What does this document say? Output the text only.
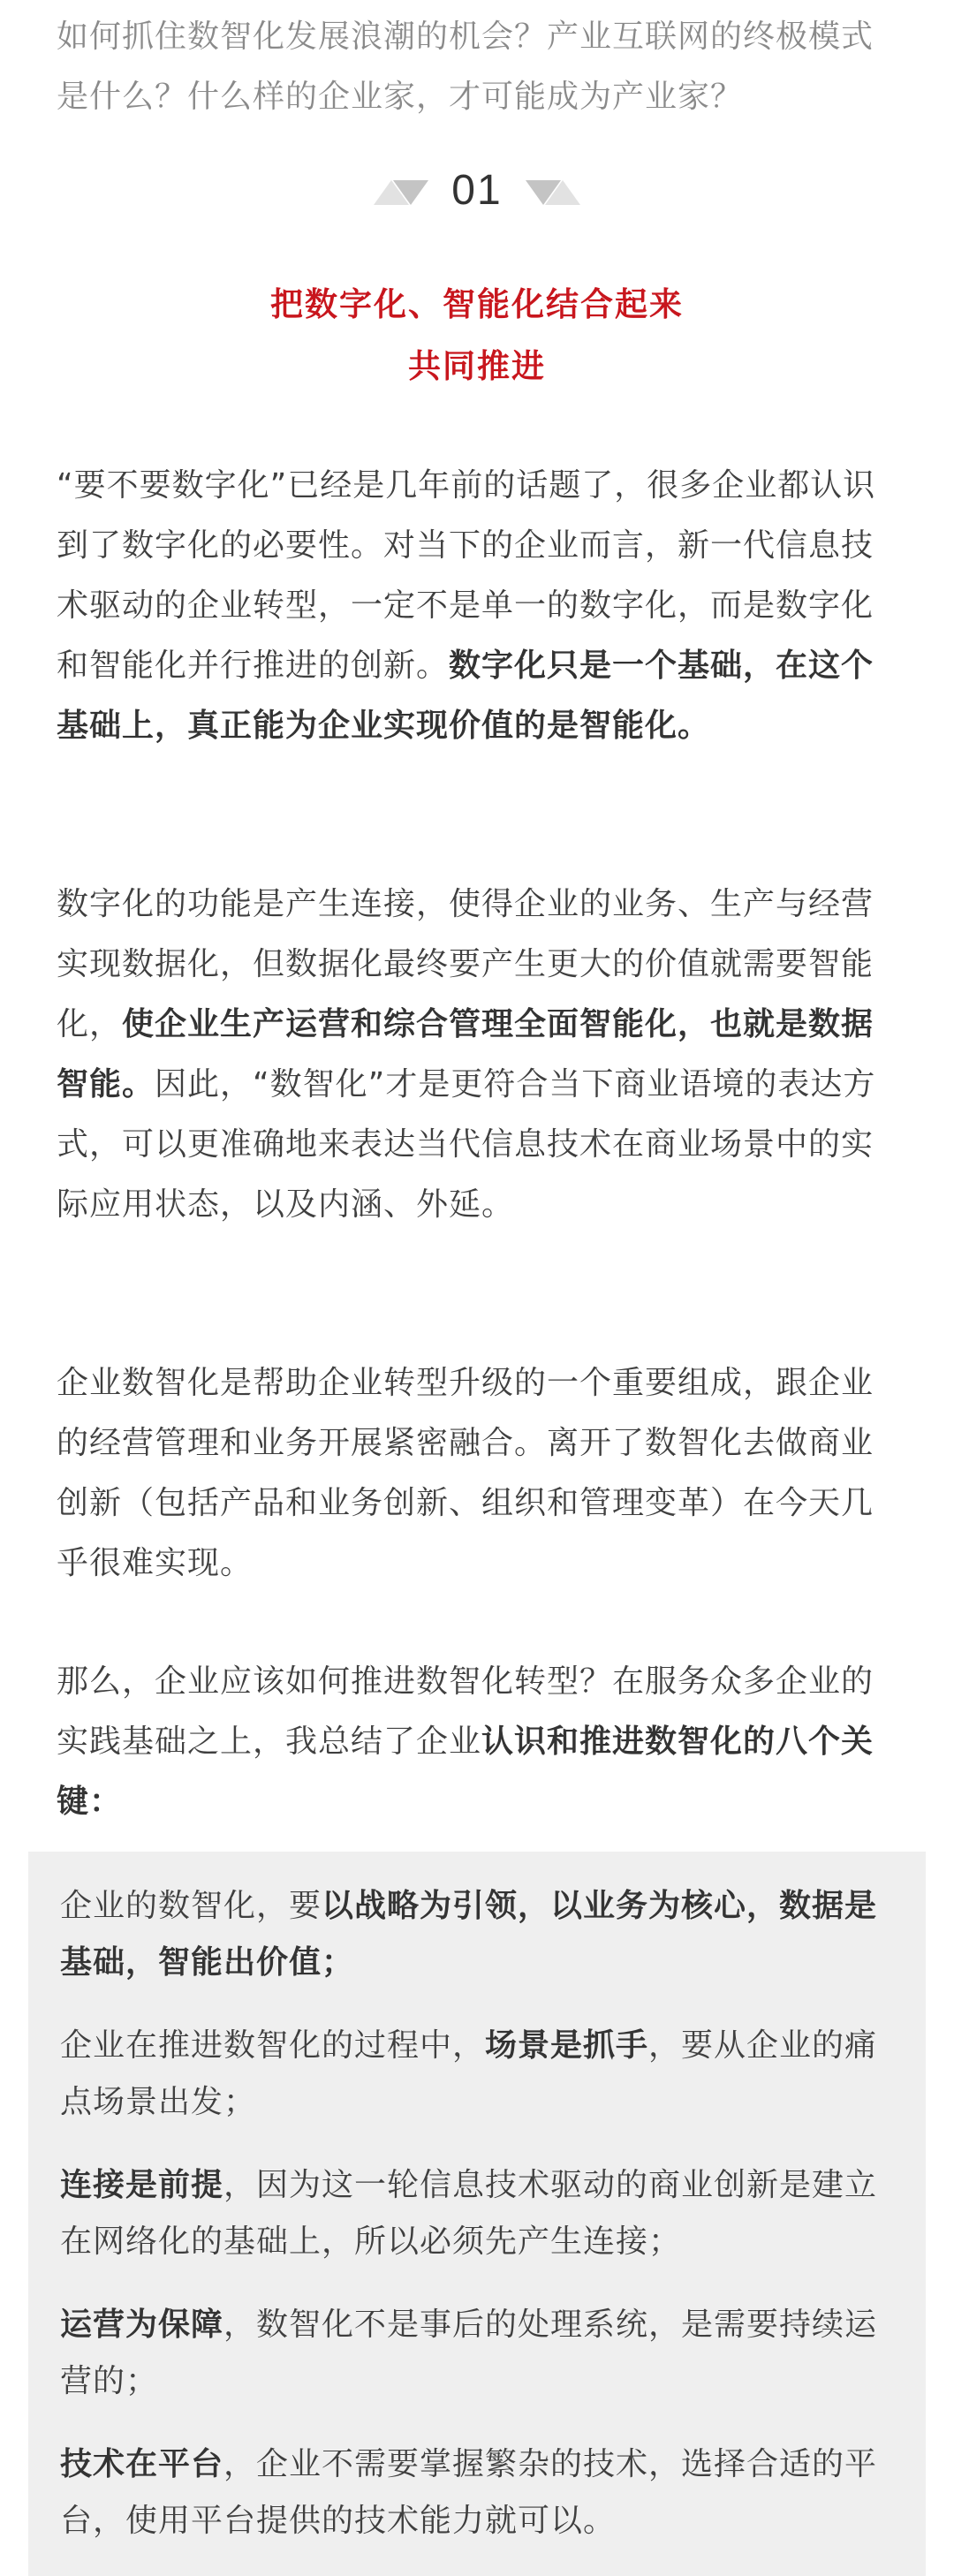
如何抓住数智化发展浪潮的机会？产业互联网的终极模式是什么？什么样的企业家，才可能成为产业家？
01
把数字化、智能化结合起来
共同推进
“要不要数字化”已经是几年前的话题了，很多企业都认识到了数字化的必要性。对当下的企业而言，新一代信息技术驱动的企业转型，一定不是单一的数字化，而是数字化和智能化并行推进的创新。数字化只是一个基础，在这个基础上，真正能为企业实现价值的是智能化。
数字化的功能是产生连接，使得企业的业务、生产与经营实现数据化，但数据化最终要产生更大的价值就需要智能化，使企业生产运营和综合管理全面智能化，也就是数据智能。因此，“数智化”才是更符合当下商业语境的表达方式，可以更准确地来表达当代信息技术在商业场景中的实际应用状态，以及内涵、外延。
企业数智化是帮助企业转型升级的一个重要组成，跟企业的经营管理和业务开展紧密融合。离开了数智化去做商业创新（包括产品和业务创新、组织和管理变革）在今天几乎很难实现。
那么，企业应该如何推进数智化转型？在服务众多企业的实践基础之上，我总结了企业认识和推进数智化的八个关键：
企业的数智化，要以战略为引领，以业务为核心，数据是基础，智能出价值；
企业在推进数智化的过程中，场景是抓手，要从企业的痛点场景出发；
连接是前提，因为这一轮信息技术驱动的商业创新是建立在网络化的基础上，所以必须先产生连接；
运营为保障，数智化不是事后的处理系统，是需要持续运营的；
技术在平台，企业不需要掌握繁杂的技术，选择合适的平台，使用平台提供的技术能力就可以。
